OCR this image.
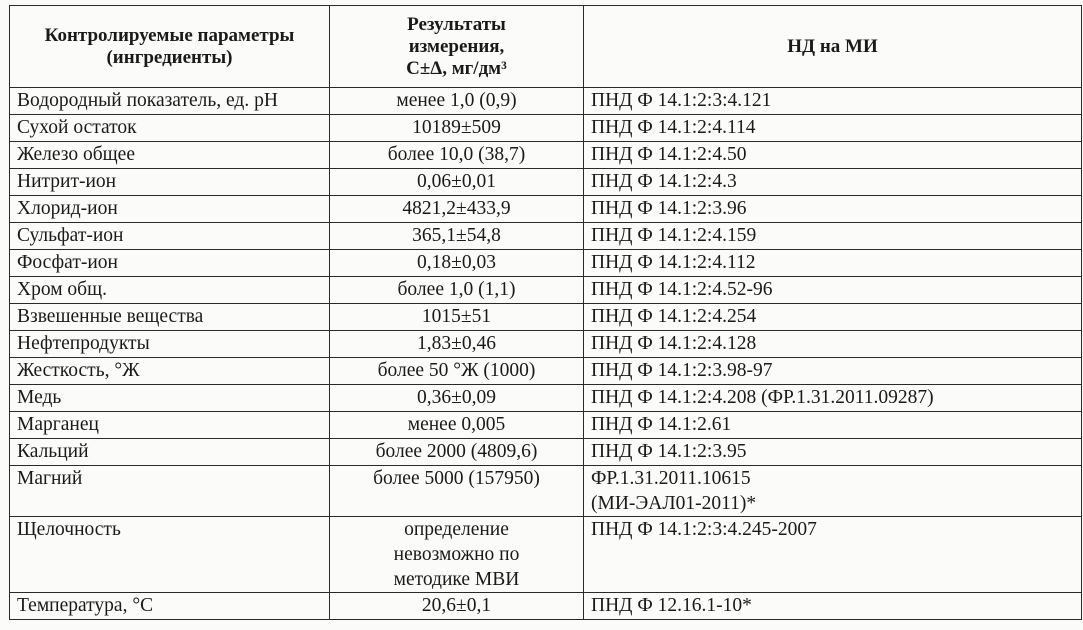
Контролируемые параметры
(ингредиенты)	Результаты
измерения,
С±Δ, мг/дм³	НД на МИ

Водородный показатель, ед. pH	менее 1,0 (0,9)	ПНД Ф 14.1:2:3:4.121

Сухой остаток	10189±509	ПНД Ф 14.1:2:4.114

Железо общее	более 10,0 (38,7)	ПНД Ф 14.1:2:4.50

Нитрит-ион	0,06±0,01	ПНД Ф 14.1:2:4.3

Хлорид-ион	4821,2±433,9	ПНД Ф 14.1:2:3.96

Сульфат-ион	365,1±54,8	ПНД Ф 14.1:2:4.159

Фосфат-ион	0,18±0,03	ПНД Ф 14.1:2:4.112

Хром общ.	более 1,0 (1,1)	ПНД Ф 14.1:2:4.52-96

Взвешенные вещества	1015±51	ПНД Ф 14.1:2:4.254

Нефтепродукты	1,83±0,46	ПНД Ф 14.1:2:4.128

Жесткость, °Ж	более 50 °Ж (1000)	ПНД Ф 14.1:2:3.98-97

Медь	0,36±0,09	ПНД Ф 14.1:2:4.208 (ФР.1.31.2011.09287)

Марганец	менее 0,005	ПНД Ф 14.1:2.61

Кальций	более 2000 (4809,6)	ПНД Ф 14.1:2:3.95

Магний	более 5000 (157950)	ФР.1.31.2011.10615
(МИ-ЭАЛ01-2011)*

Щелочность	определение
невозможно по
методике МВИ	ПНД Ф 14.1:2:3:4.245-2007

Температура, °С	20,6±0,1	ПНД Ф 12.16.1-10*
